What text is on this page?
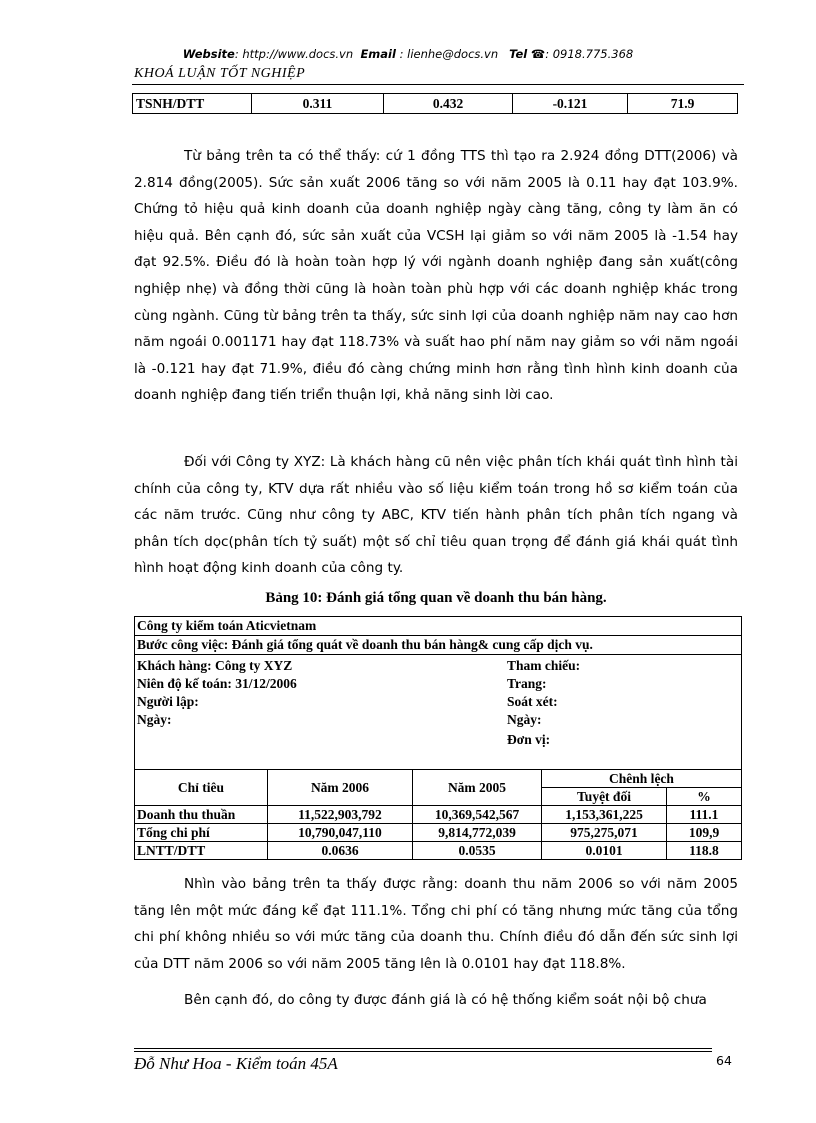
Website: http://www.docs.vn Email : lienhe@docs.vn Tel ☎: 0918.775.368
KHOÁ LUẬN TỐT NGHIỆP
TSNH/DTT	0.311	0.432	-0.121	71.9

Từ bảng trên ta có thể thấy: cứ 1 đồng TTS thì tạo ra 2.924 đồng DTT(2006) và 2.814 đồng(2005). Sức sản xuất 2006 tăng so với năm 2005 là 0.11 hay đạt 103.9%. Chứng tỏ hiệu quả kinh doanh của doanh nghiệp ngày càng tăng, công ty làm ăn có hiệu quả. Bên cạnh đó, sức sản xuất của VCSH lại giảm so với năm 2005 là -1.54 hay đạt 92.5%. Điều đó là hoàn toàn hợp lý với ngành doanh nghiệp đang sản xuất(công nghiệp nhẹ) và đồng thời cũng là hoàn toàn phù hợp với các doanh nghiệp khác trong cùng ngành. Cũng từ bảng trên ta thấy, sức sinh lợi của doanh nghiệp năm nay cao hơn năm ngoái 0.001171 hay đạt 118.73% và suất hao phí năm nay giảm so với năm ngoái là -0.121 hay đạt 71.9%, điều đó càng chứng minh hơn rằng tình hình kinh doanh của doanh nghiệp đang tiến triển thuận lợi, khả năng sinh lời cao.

Đối với Công ty XYZ: Là khách hàng cũ nên việc phân tích khái quát tình hình tài chính của công ty, KTV dựa rất nhiều vào số liệu kiểm toán trong hồ sơ kiểm toán của các năm trước. Cũng như công ty ABC, KTV tiến hành phân tích phân tích ngang và phân tích dọc(phân tích tỷ suất) một số chỉ tiêu quan trọng để đánh giá khái quát tình hình hoạt động kinh doanh của công ty.

Bảng 10: Đánh giá tổng quan về doanh thu bán hàng.
Công ty kiểm toán Aticvietnam
Bước công việc: Đánh giá tổng quát về doanh thu bán hàng& cung cấp dịch vụ.
Khách hàng: Công ty XYZ
Niên độ kế toán: 31/12/2006
Người lập:
Ngày:
Tham chiếu:
Trang:
Soát xét:
Ngày:
Đơn vị:
Chỉ tiêu	Năm 2006	Năm 2005	Chênh lệch	
			Tuyệt đối	%
Doanh thu thuần	11,522,903,792	10,369,542,567	1,153,361,225	111.1
Tổng chi phí	10,790,047,110	9,814,772,039	975,275,071	109,9
LNTT/DTT	0.0636	0.0535	0.0101	118.8

Nhìn vào bảng trên ta thấy được rằng: doanh thu năm 2006 so với năm 2005 tăng lên một mức đáng kể đạt 111.1%. Tổng chi phí có tăng nhưng mức tăng của tổng chi phí không nhiều so với mức tăng của doanh thu. Chính điều đó dẫn đến sức sinh lợi của DTT năm 2006 so với năm 2005 tăng lên là 0.0101 hay đạt 118.8%.

Bên cạnh đó, do công ty được đánh giá là có hệ thống kiểm soát nội bộ chưa

Đỗ Như Hoa - Kiểm toán 45A	64
